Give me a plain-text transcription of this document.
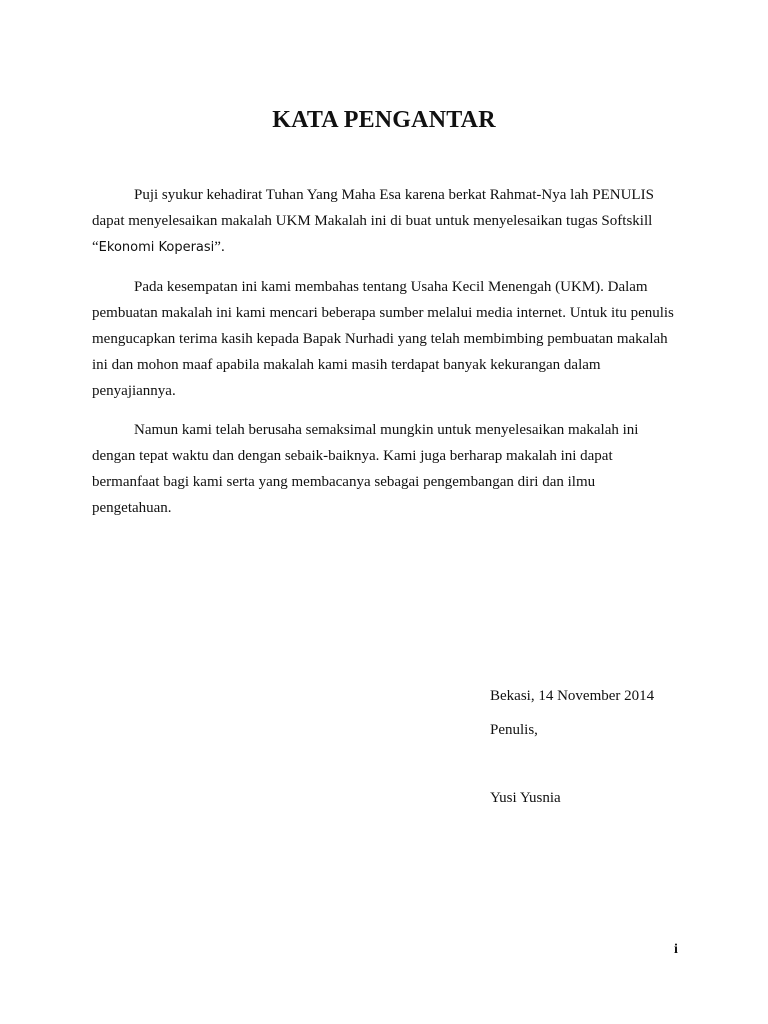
KATA PENGANTAR

Puji syukur kehadirat Tuhan Yang Maha Esa karena berkat Rahmat-Nya lah PENULIS
dapat menyelesaikan makalah UKM Makalah ini di buat untuk menyelesaikan tugas Softskill
“Ekonomi Koperasi”.

Pada kesempatan ini kami membahas tentang Usaha Kecil Menengah (UKM). Dalam
pembuatan makalah ini kami mencari beberapa sumber melalui media internet. Untuk itu penulis
mengucapkan terima kasih kepada Bapak Nurhadi yang telah membimbing pembuatan makalah
ini dan mohon maaf apabila makalah kami masih terdapat banyak kekurangan dalam
penyajiannya.

Namun kami telah berusaha semaksimal mungkin untuk menyelesaikan makalah ini
dengan tepat waktu dan dengan sebaik-baiknya. Kami juga berharap makalah ini dapat
bermanfaat bagi kami serta yang membacanya sebagai pengembangan diri dan ilmu
pengetahuan.

Bekasi, 14 November 2014
Penulis,
Yusi Yusnia
i
